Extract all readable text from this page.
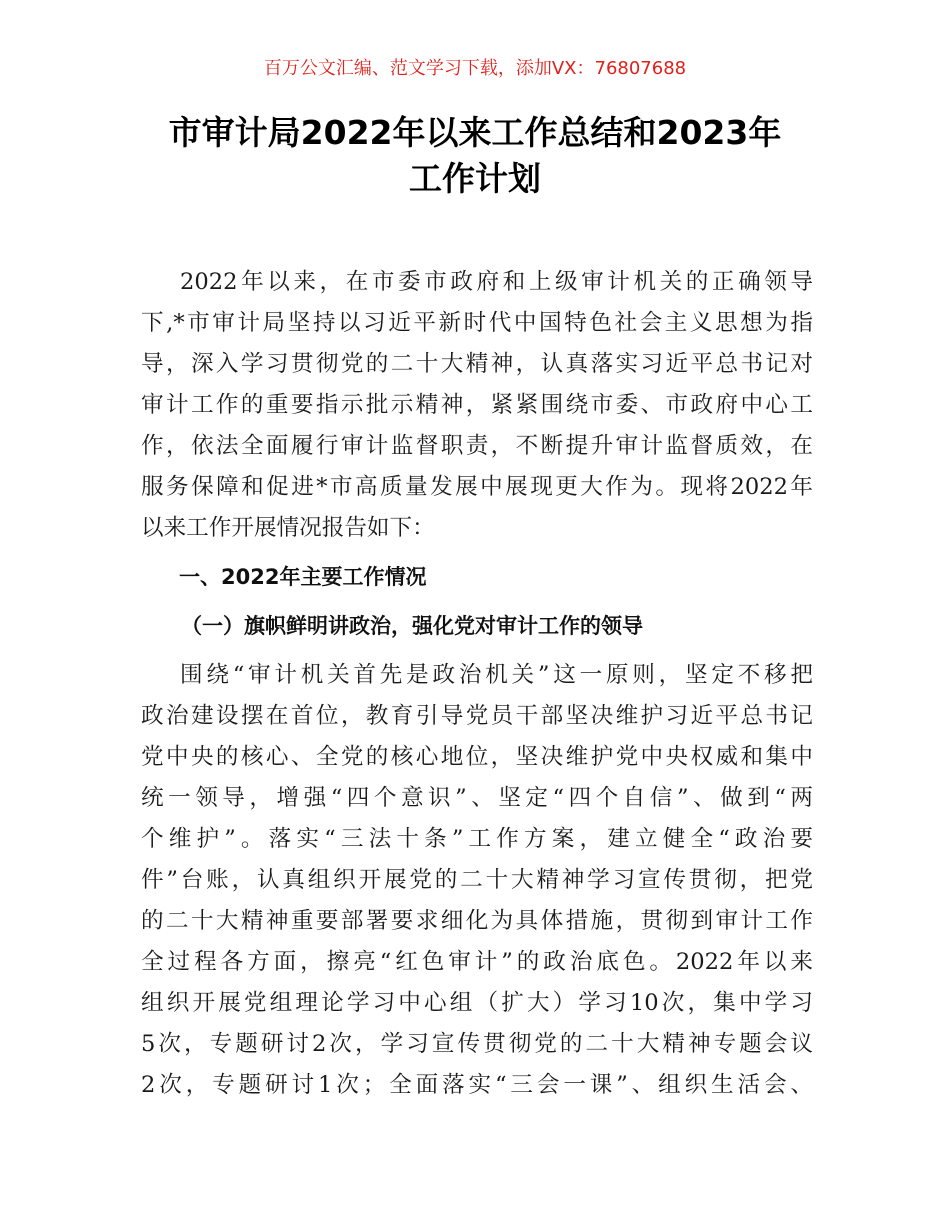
百万公文汇编、范文学习下载，添加VX：76807688
市审计局2022年以来工作总结和2023年
工作计划
2022年以来，在市委市政府和上级审计机关的正确领导
下,*市审计局坚持以习近平新时代中国特色社会主义思想为指
导，深入学习贯彻党的二十大精神，认真落实习近平总书记对
审计工作的重要指示批示精神，紧紧围绕市委、市政府中心工
作，依法全面履行审计监督职责，不断提升审计监督质效，在
服务保障和促进*市高质量发展中展现更大作为。现将2022年
以来工作开展情况报告如下：
一、2022年主要工作情况
（一）旗帜鲜明讲政治，强化党对审计工作的领导
围绕“审计机关首先是政治机关”这一原则，坚定不移把
政治建设摆在首位，教育引导党员干部坚决维护习近平总书记
党中央的核心、全党的核心地位，坚决维护党中央权威和集中
统一领导，增强“四个意识”、坚定“四个自信”、做到“两
个维护”。落实“三法十条”工作方案，建立健全“政治要
件”台账，认真组织开展党的二十大精神学习宣传贯彻，把党
的二十大精神重要部署要求细化为具体措施，贯彻到审计工作
全过程各方面，擦亮“红色审计”的政治底色。2022年以来
组织开展党组理论学习中心组（扩大）学习10次，集中学习
5次，专题研讨2次，学习宣传贯彻党的二十大精神专题会议
2次，专题研讨1次；全面落实“三会一课”、组织生活会、
